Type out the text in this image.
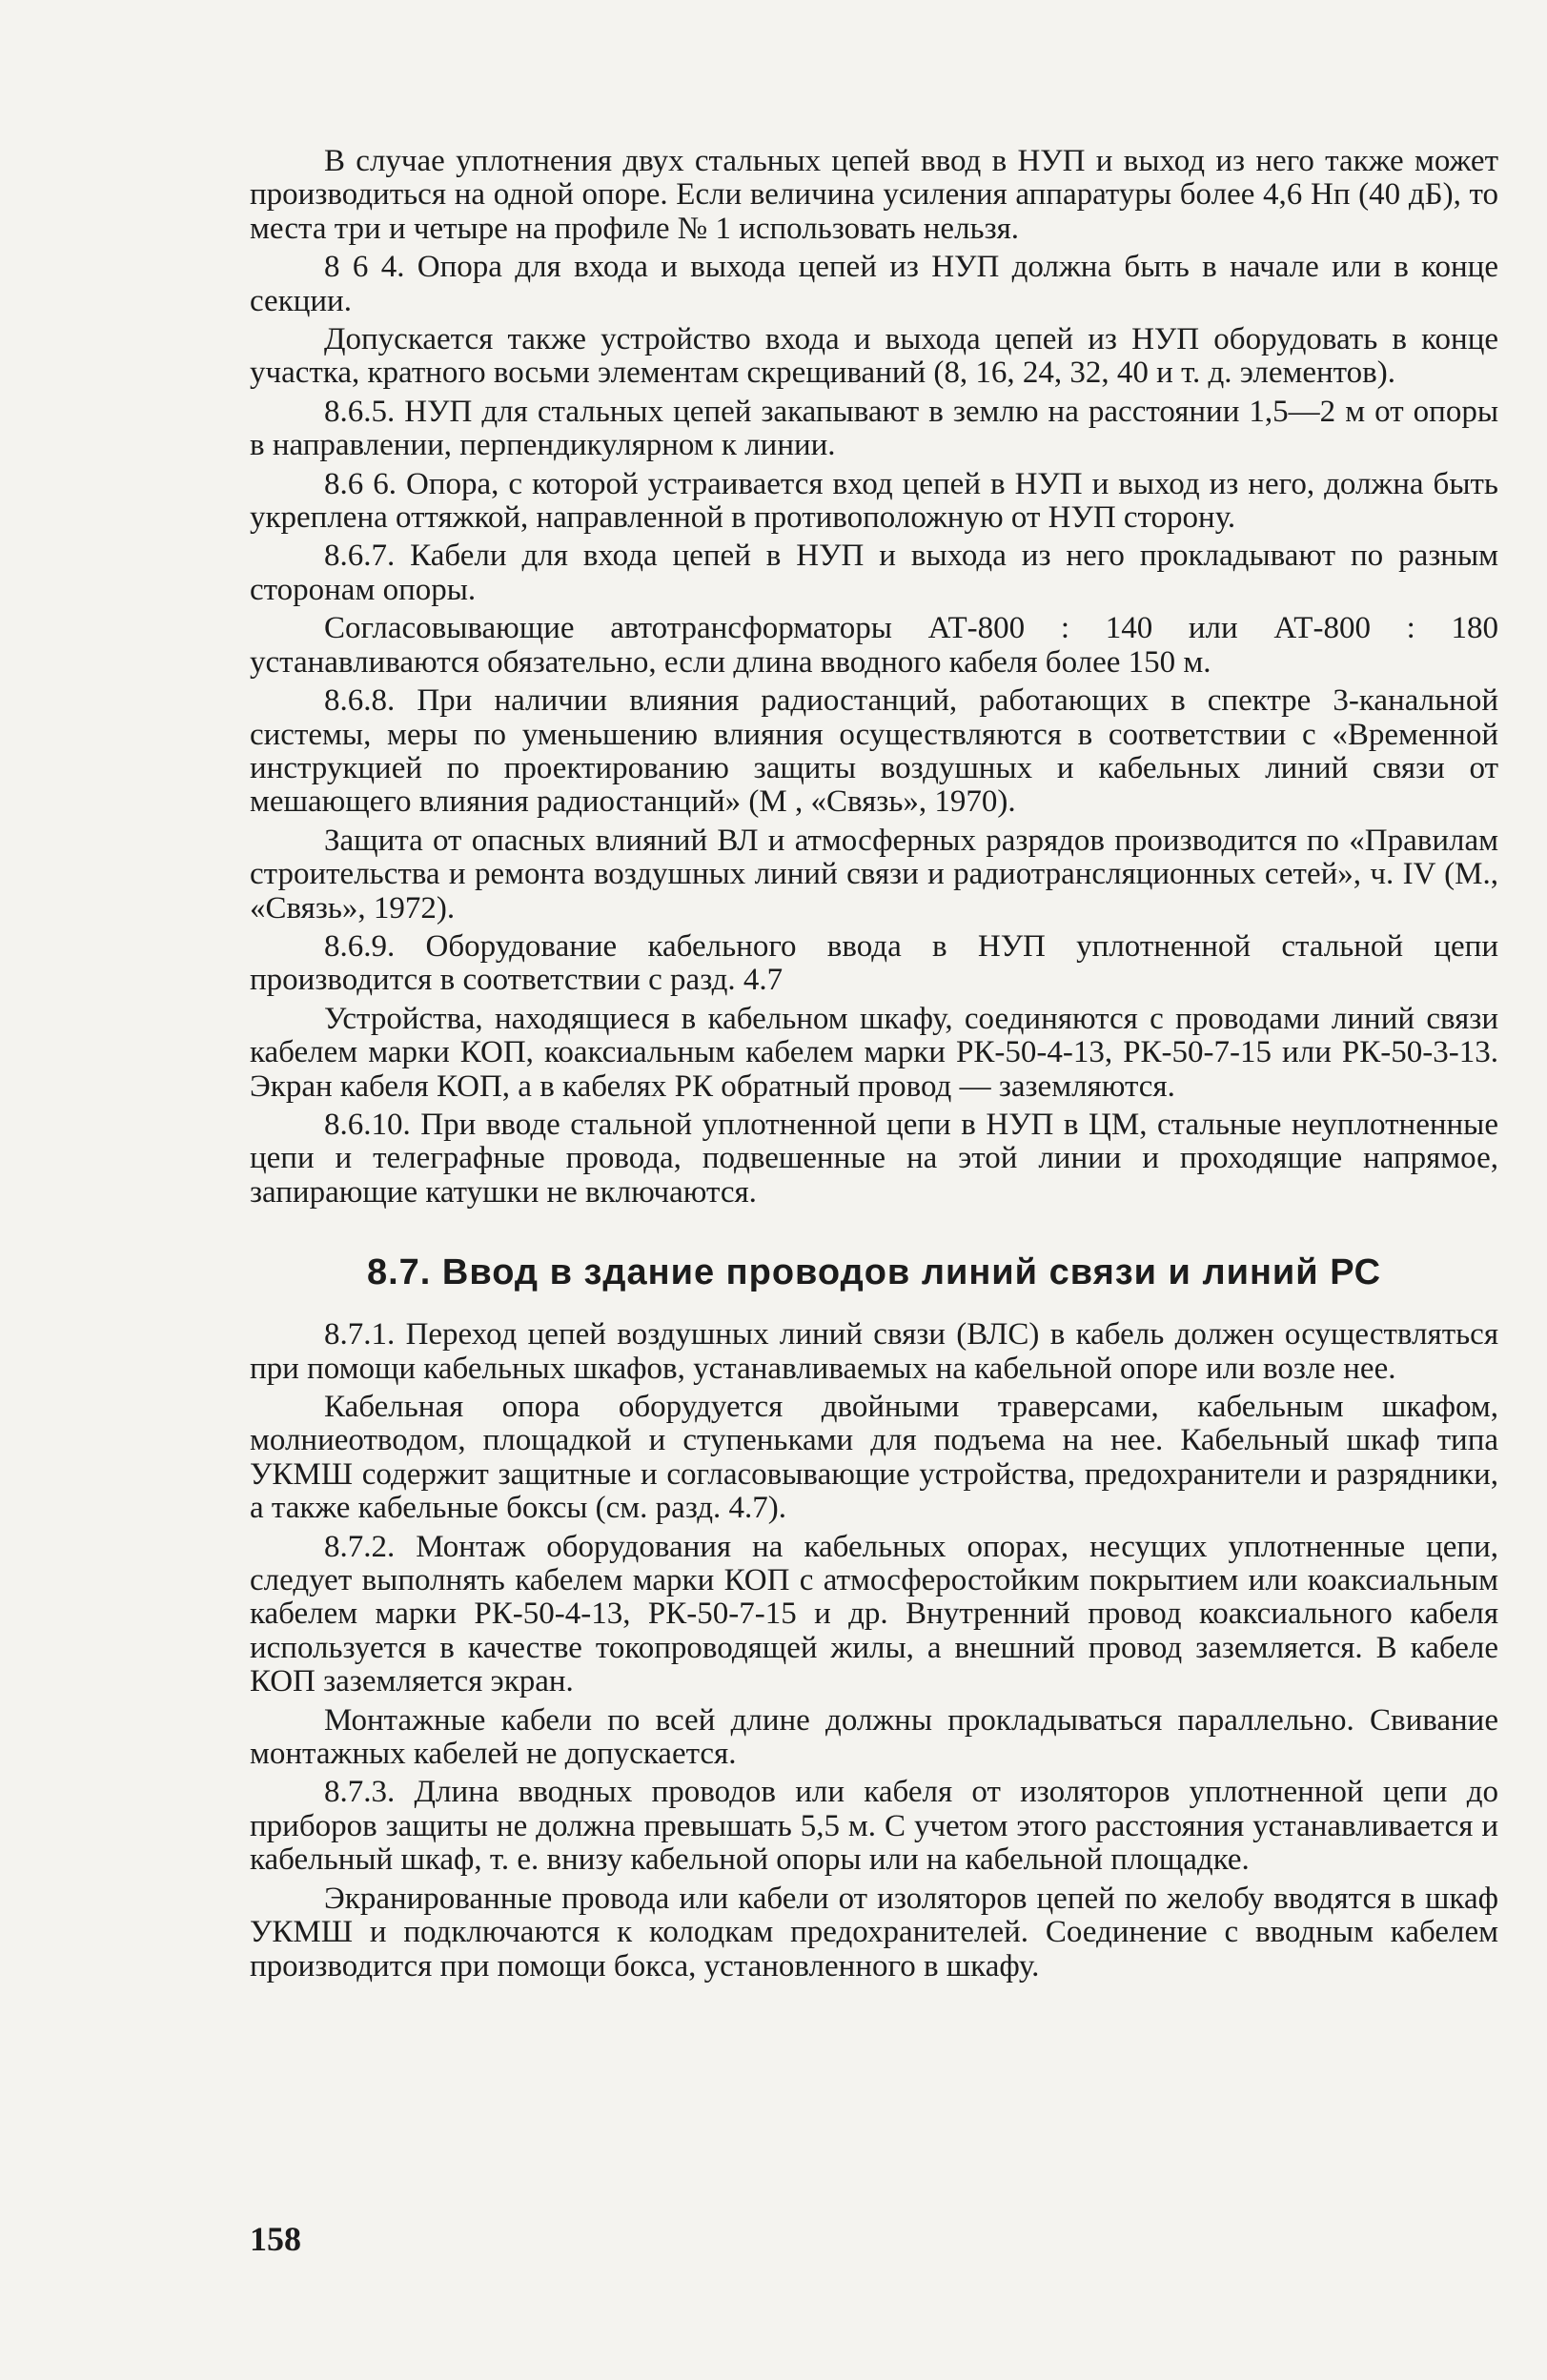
В случае уплотнения двух стальных цепей ввод в НУП и выход из него также может производиться на одной опоре. Если величина усиления аппаратуры более 4,6 Нп (40 дБ), то места три и четыре на профиле № 1 использовать нельзя.

8 6 4. Опора для входа и выхода цепей из НУП должна быть в начале или в конце секции.

Допускается также устройство входа и выхода цепей из НУП оборудовать в конце участка, кратного восьми элементам скрещиваний (8, 16, 24, 32, 40 и т. д. элементов).

8.6.5. НУП для стальных цепей закапывают в землю на расстоянии 1,5—2 м от опоры в направлении, перпендикулярном к линии.

8.6 6. Опора, с которой устраивается вход цепей в НУП и выход из него, должна быть укреплена оттяжкой, направленной в противоположную от НУП сторону.

8.6.7. Кабели для входа цепей в НУП и выхода из него прокладывают по разным сторонам опоры.

Согласовывающие автотрансформаторы АТ-800 : 140 или АТ-800 : 180 устанавливаются обязательно, если длина вводного кабеля более 150 м.

8.6.8. При наличии влияния радиостанций, работающих в спектре 3-канальной системы, меры по уменьшению влияния осуществляются в соответствии с «Временной инструкцией по проектированию защиты воздушных и кабельных линий связи от мешающего влияния радиостанций» (М , «Связь», 1970).

Защита от опасных влияний ВЛ и атмосферных разрядов производится по «Правилам строительства и ремонта воздушных линий связи и радиотрансляционных сетей», ч. IV (М., «Связь», 1972).

8.6.9. Оборудование кабельного ввода в НУП уплотненной стальной цепи производится в соответствии с разд. 4.7

Устройства, находящиеся в кабельном шкафу, соединяются с проводами линий связи кабелем марки КОП, коаксиальным кабелем марки РК-50-4-13, РК-50-7-15 или РК-50-3-13. Экран кабеля КОП, а в кабелях РК обратный провод — заземляются.

8.6.10. При вводе стальной уплотненной цепи в НУП в ЦМ, стальные неуплотненные цепи и телеграфные провода, подвешенные на этой линии и проходящие напрямое, запирающие катушки не включаются.

8.7. Ввод в здание проводов линий связи и линий РС

8.7.1. Переход цепей воздушных линий связи (ВЛС) в кабель должен осуществляться при помощи кабельных шкафов, устанавливаемых на кабельной опоре или возле нее.

Кабельная опора оборудуется двойными траверсами, кабельным шкафом, молниеотводом, площадкой и ступеньками для подъема на нее. Кабельный шкаф типа УКМШ содержит защитные и согласовывающие устройства, предохранители и разрядники, а также кабельные боксы (см. разд. 4.7).

8.7.2. Монтаж оборудования на кабельных опорах, несущих уплотненные цепи, следует выполнять кабелем марки КОП с атмосферостойким покрытием или коаксиальным кабелем марки РК-50-4-13, РК-50-7-15 и др. Внутренний провод коаксиального кабеля используется в качестве токопроводящей жилы, а внешний провод заземляется. В кабеле КОП заземляется экран.

Монтажные кабели по всей длине должны прокладываться параллельно. Свивание монтажных кабелей не допускается.

8.7.3. Длина вводных проводов или кабеля от изоляторов уплотненной цепи до приборов защиты не должна превышать 5,5 м. С учетом этого расстояния устанавливается и кабельный шкаф, т. е. внизу кабельной опоры или на кабельной площадке.

Экранированные провода или кабели от изоляторов цепей по желобу вводятся в шкаф УКМШ и подключаются к колодкам предохранителей. Соединение с вводным кабелем производится при помощи бокса, установленного в шкафу.

158
